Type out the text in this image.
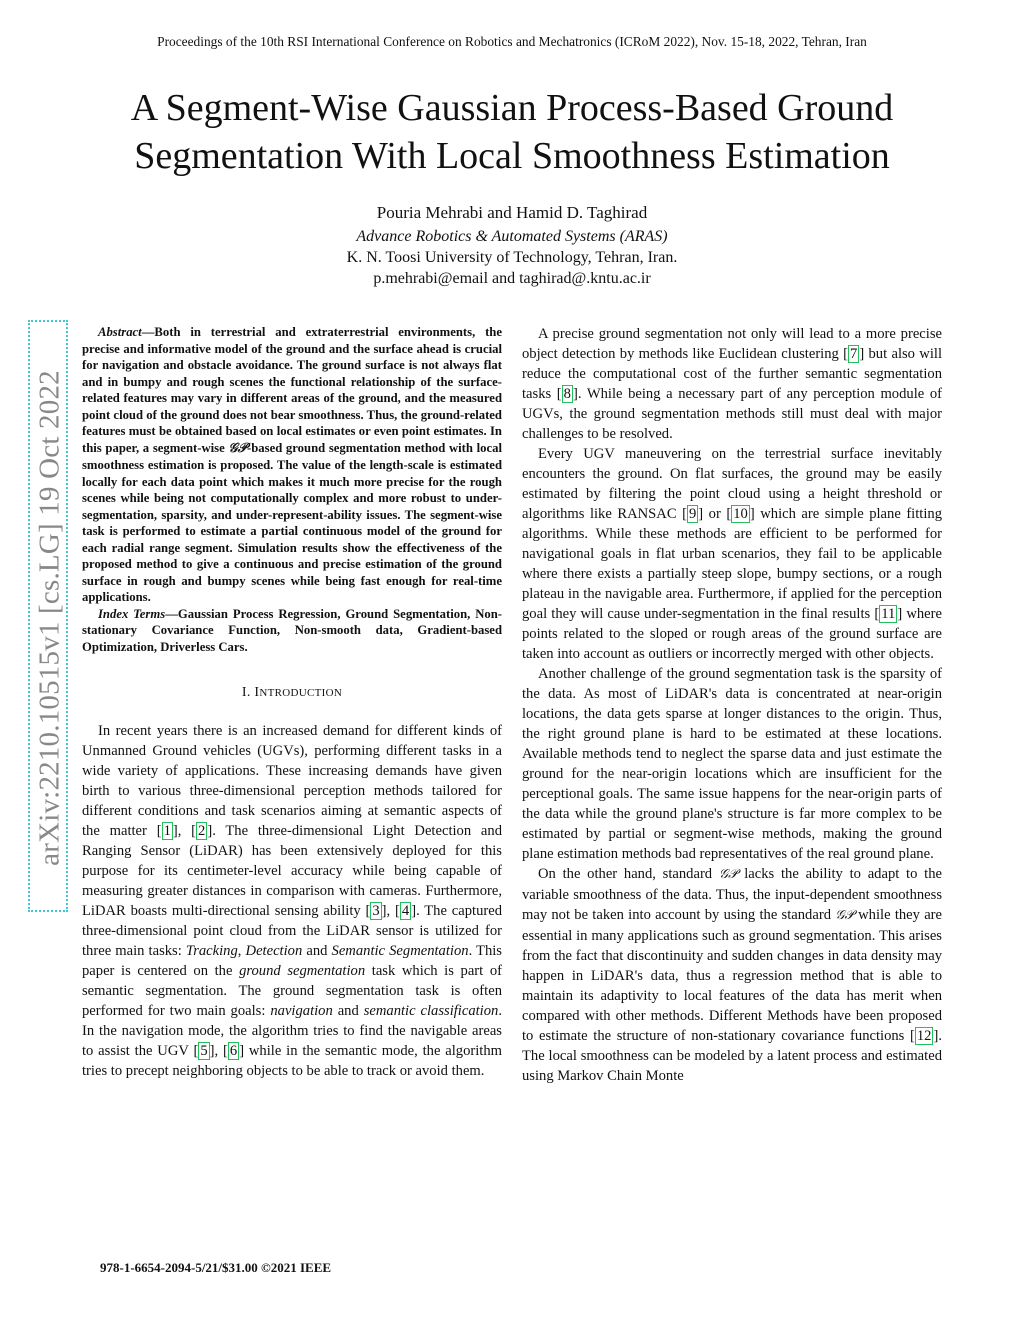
Proceedings of the 10th RSI International Conference on Robotics and Mechatronics (ICRoM 2022), Nov. 15-18, 2022, Tehran, Iran
A Segment-Wise Gaussian Process-Based Ground Segmentation With Local Smoothness Estimation
Pouria Mehrabi and Hamid D. Taghirad
Advance Robotics & Automated Systems (ARAS)
K. N. Toosi University of Technology, Tehran, Iran.
p.mehrabi@email and taghirad@.kntu.ac.ir
arXiv:2210.10515v1 [cs.LG] 19 Oct 2022

Abstract—Both in terrestrial and extraterrestrial environments, the precise and informative model of the ground and the surface ahead is crucial for navigation and obstacle avoidance. The ground surface is not always flat and in bumpy and rough scenes the functional relationship of the surface-related features may vary in different areas of the ground, and the measured point cloud of the ground does not bear smoothness. Thus, the ground-related features must be obtained based on local estimates or even point estimates. In this paper, a segment-wise 𝒢𝒫-based ground segmentation method with local smoothness estimation is proposed. The value of the length-scale is estimated locally for each data point which makes it much more precise for the rough scenes while being not computationally complex and more robust to under-segmentation, sparsity, and under-represent-ability issues. The segment-wise task is performed to estimate a partial continuous model of the ground for each radial range segment. Simulation results show the effectiveness of the proposed method to give a continuous and precise estimation of the ground surface in rough and bumpy scenes while being fast enough for real-time applications.

Index Terms—Gaussian Process Regression, Ground Segmentation, Non-stationary Covariance Function, Non-smooth data, Gradient-based Optimization, Driverless Cars.

I. INTRODUCTION

In recent years there is an increased demand for different kinds of Unmanned Ground vehicles (UGVs), performing different tasks in a wide variety of applications. These increasing demands have given birth to various three-dimensional perception methods tailored for different conditions and task scenarios aiming at semantic aspects of the matter [ 1 ], [ 2 ]. The three-dimensional Light Detection and Ranging Sensor (LiDAR) has been extensively deployed for this purpose for its centimeter-level accuracy while being capable of measuring greater distances in comparison with cameras. Furthermore, LiDAR boasts multi-directional sensing ability [ 3 ], [ 4 ]. The captured three-dimensional point cloud from the LiDAR sensor is utilized for three main tasks: Tracking, Detection and Semantic Segmentation. This paper is centered on the ground segmentation task which is part of semantic segmentation. The ground segmentation task is often performed for two main goals: navigation and semantic classification. In the navigation mode, the algorithm tries to find the navigable areas to assist the UGV [ 5 ], [ 6 ] while in the semantic mode, the algorithm tries to precept neighboring objects to be able to track or avoid them.

A precise ground segmentation not only will lead to a more precise object detection by methods like Euclidean clustering [ 7 ] but also will reduce the computational cost of the further semantic segmentation tasks [ 8 ]. While being a necessary part of any perception module of UGVs, the ground segmentation methods still must deal with major challenges to be resolved.

Every UGV maneuvering on the terrestrial surface inevitably encounters the ground. On flat surfaces, the ground may be easily estimated by filtering the point cloud using a height threshold or algorithms like RANSAC [ 9 ] or [ 10 ] which are simple plane fitting algorithms. While these methods are efficient to be performed for navigational goals in flat urban scenarios, they fail to be applicable where there exists a partially steep slope, bumpy sections, or a rough plateau in the navigable area. Furthermore, if applied for the perception goal they will cause under-segmentation in the final results [ 11 ] where points related to the sloped or rough areas of the ground surface are taken into account as outliers or incorrectly merged with other objects.

Another challenge of the ground segmentation task is the sparsity of the data. As most of LiDAR's data is concentrated at near-origin locations, the data gets sparse at longer distances to the origin. Thus, the right ground plane is hard to be estimated at these locations. Available methods tend to neglect the sparse data and just estimate the ground for the near-origin locations which are insufficient for the perceptional goals. The same issue happens for the near-origin parts of the data while the ground plane's structure is far more complex to be estimated by partial or segment-wise methods, making the ground plane estimation methods bad representatives of the real ground plane.

On the other hand, standard 𝒢𝒫 lacks the ability to adapt to the variable smoothness of the data. Thus, the input-dependent smoothness may not be taken into account by using the standard 𝒢𝒫 while they are essential in many applications such as ground segmentation. This arises from the fact that discontinuity and sudden changes in data density may happen in LiDAR's data, thus a regression method that is able to maintain its adaptivity to local features of the data has merit when compared with other methods. Different Methods have been proposed to estimate the structure of non-stationary covariance functions [ 12 ]. The local smoothness can be modeled by a latent process and estimated using Markov Chain Monte

978-1-6654-2094-5/21/$31.00 ©2021 IEEE
